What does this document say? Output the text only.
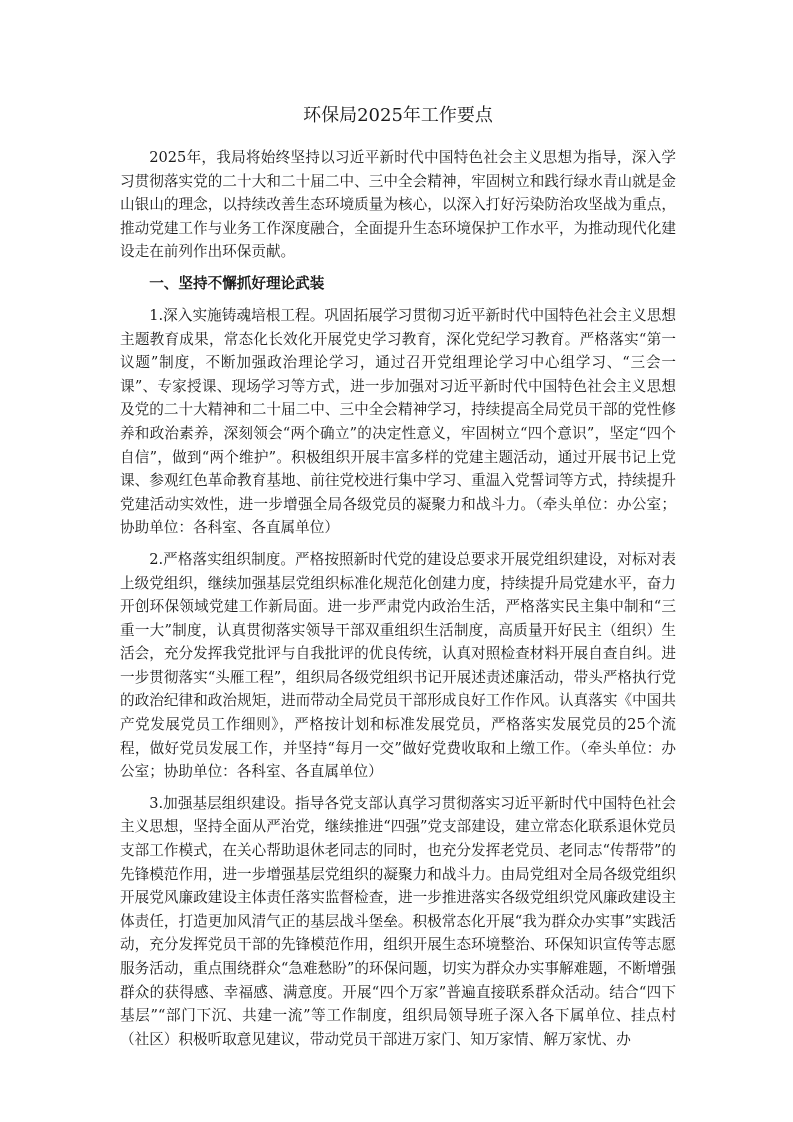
环保局2025年工作要点

2025年，我局将始终坚持以习近平新时代中国特色社会主义思想为指导，深入学习贯彻落实党的二十大和二十届二中、三中全会精神，牢固树立和践行绿水青山就是金山银山的理念，以持续改善生态环境质量为核心，以深入打好污染防治攻坚战为重点，推动党建工作与业务工作深度融合，全面提升生态环境保护工作水平，为推动现代化建设走在前列作出环保贡献。

一、坚持不懈抓好理论武装

1.深入实施铸魂培根工程。巩固拓展学习贯彻习近平新时代中国特色社会主义思想主题教育成果，常态化长效化开展党史学习教育，深化党纪学习教育。严格落实“第一议题”制度，不断加强政治理论学习，通过召开党组理论学习中心组学习、“三会一课”、专家授课、现场学习等方式，进一步加强对习近平新时代中国特色社会主义思想及党的二十大精神和二十届二中、三中全会精神学习，持续提高全局党员干部的党性修养和政治素养，深刻领会“两个确立”的决定性意义，牢固树立“四个意识”，坚定“四个自信”，做到“两个维护”。积极组织开展丰富多样的党建主题活动，通过开展书记上党课、参观红色革命教育基地、前往党校进行集中学习、重温入党誓词等方式，持续提升党建活动实效性，进一步增强全局各级党员的凝聚力和战斗力。（牵头单位：办公室；协助单位：各科室、各直属单位）

2.严格落实组织制度。严格按照新时代党的建设总要求开展党组织建设，对标对表上级党组织，继续加强基层党组织标准化规范化创建力度，持续提升局党建水平，奋力开创环保领域党建工作新局面。进一步严肃党内政治生活，严格落实民主集中制和“三重一大”制度，认真贯彻落实领导干部双重组织生活制度，高质量开好民主（组织）生活会，充分发挥我党批评与自我批评的优良传统，认真对照检查材料开展自查自纠。进一步贯彻落实“头雁工程”，组织局各级党组织书记开展述责述廉活动，带头严格执行党的政治纪律和政治规矩，进而带动全局党员干部形成良好工作作风。认真落实《中国共产党发展党员工作细则》，严格按计划和标准发展党员，严格落实发展党员的25个流程，做好党员发展工作，并坚持“每月一交”做好党费收取和上缴工作。（牵头单位：办公室；协助单位：各科室、各直属单位）

3.加强基层组织建设。指导各党支部认真学习贯彻落实习近平新时代中国特色社会主义思想，坚持全面从严治党，继续推进“四强”党支部建设，建立常态化联系退休党员支部工作模式，在关心帮助退休老同志的同时，也充分发挥老党员、老同志“传帮带”的先锋模范作用，进一步增强基层党组织的凝聚力和战斗力。由局党组对全局各级党组织开展党风廉政建设主体责任落实监督检查，进一步推进落实各级党组织党风廉政建设主体责任，打造更加风清气正的基层战斗堡垒。积极常态化开展“我为群众办实事”实践活动，充分发挥党员干部的先锋模范作用，组织开展生态环境整治、环保知识宣传等志愿服务活动，重点围绕群众“急难愁盼”的环保问题，切实为群众办实事解难题，不断增强群众的获得感、幸福感、满意度。开展“四个万家”普遍直接联系群众活动。结合“四下基层”“部门下沉、共建一流”等工作制度，组织局领导班子深入各下属单位、挂点村（社区）积极听取意见建议，带动党员干部进万家门、知万家情、解万家忧、办
